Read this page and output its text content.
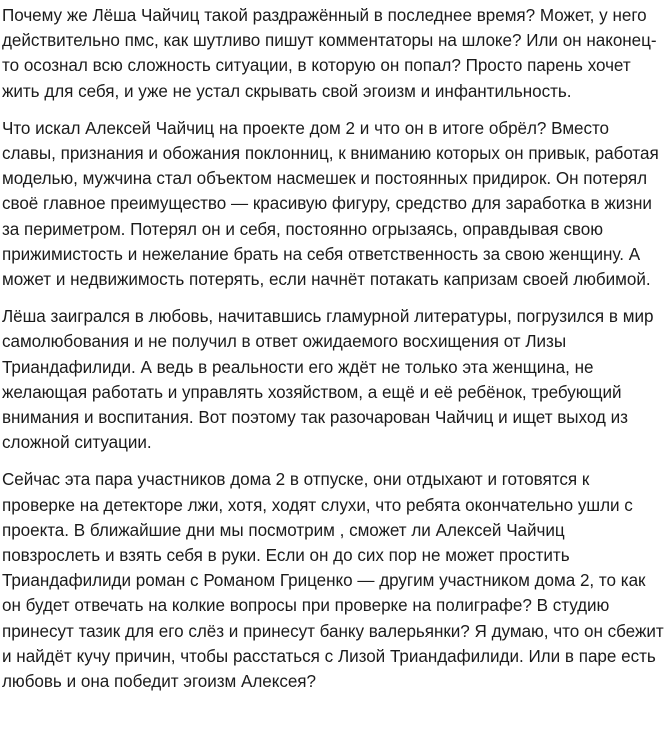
Почему же Лёша Чайчиц такой раздражённый в последнее время? Может, у него действительно пмс, как шутливо пишут комментаторы на шлоке? Или он наконец-то осознал всю сложность ситуации, в которую он попал? Просто парень хочет жить для себя, и уже не устал скрывать свой эгоизм и инфантильность.

Что искал Алексей Чайчиц на проекте дом 2 и что он в итоге обрёл? Вместо славы, признания и обожания поклонниц, к вниманию которых он привык, работая моделью, мужчина стал объектом насмешек и постоянных придирок. Он потерял своё главное преимущество — красивую фигуру, средство для заработка в жизни за периметром. Потерял он и себя, постоянно огрызаясь, оправдывая свою прижимистость и нежелание брать на себя ответственность за свою женщину. А может и недвижимость потерять, если начнёт потакать капризам своей любимой.

Лёша заигрался в любовь, начитавшись гламурной литературы, погрузился в мир самолюбования и не получил в ответ ожидаемого восхищения от Лизы Триандафилиди. А ведь в реальности его ждёт не только эта женщина, не желающая работать и управлять хозяйством, а ещё и её ребёнок, требующий внимания и воспитания. Вот поэтому так разочарован Чайчиц и ищет выход из сложной ситуации.

Сейчас эта пара участников дома 2 в отпуске, они отдыхают и готовятся к проверке на детекторе лжи, хотя, ходят слухи, что ребята окончательно ушли с проекта. В ближайшие дни мы посмотрим , сможет ли Алексей Чайчиц повзрослеть и взять себя в руки. Если он до сих пор не может простить Триандафилиди роман с Романом Гриценко — другим участником дома 2, то как он будет отвечать на колкие вопросы при проверке на полиграфе? В студию принесут тазик для его слёз и принесут банку валерьянки? Я думаю, что он сбежит и найдёт кучу причин, чтобы расстаться с Лизой Триандафилиди. Или в паре есть любовь и она победит эгоизм Алексея?
